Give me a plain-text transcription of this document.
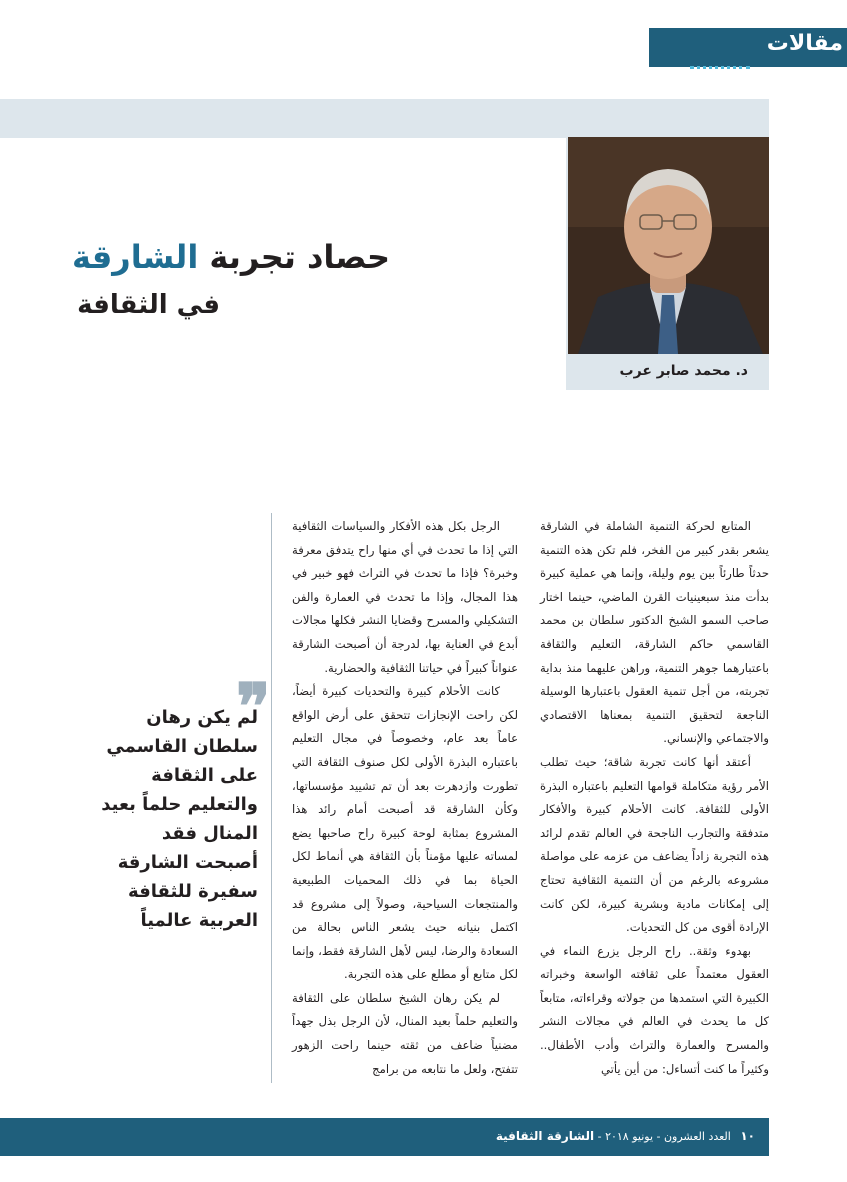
مقالات
د. محمد صابر عرب
حصاد تجربة الشارقة
في الثقافة

المتابع لحركة التنمية الشاملة في الشارقة يشعر بقدر كبير من الفخر، فلم تكن هذه التنمية حدثاً طارئاً بين يوم وليلة، وإنما هي عملية كبيرة بدأت منذ سبعينيات القرن الماضي، حينما اختار صاحب السمو الشيخ الدكتور سلطان بن محمد القاسمي حاكم الشارقة، التعليم والثقافة باعتبارهما جوهر التنمية، وراهن عليهما منذ بداية تجربته، من أجل تنمية العقول باعتبارها الوسيلة الناجعة لتحقيق التنمية بمعناها الاقتصادي والاجتماعي والإنساني.

أعتقد أنها كانت تجربة شاقة؛ حيث تطلب الأمر رؤية متكاملة قوامها التعليم باعتباره البذرة الأولى للثقافة. كانت الأحلام كبيرة والأفكار متدفقة والتجارب الناجحة في العالم تقدم لرائد هذه التجربة زاداً يضاعف من عزمه على مواصلة مشروعه بالرغم من أن التنمية الثقافية تحتاج إلى إمكانات مادية وبشرية كبيرة، لكن كانت الإرادة أقوى من كل التحديات.

بهدوء وثقة.. راح الرجل يزرع النماء في العقول معتمداً على ثقافته الواسعة وخبراته الكبيرة التي استمدها من جولاته وقراءاته، متابعاً كل ما يحدث في العالم في مجالات النشر والمسرح والعمارة والتراث وأدب الأطفال.. وكثيراً ما كنت أتساءل: من أين يأتي

الرجل بكل هذه الأفكار والسياسات الثقافية التي إذا ما تحدث في أي منها راح يتدفق معرفة وخبرة؟ فإذا ما تحدث في التراث فهو خبير في هذا المجال، وإذا ما تحدث في العمارة والفن التشكيلي والمسرح وقضايا النشر فكلها مجالات أبدع في العناية بها، لدرجة أن أصبحت الشارقة عنواناً كبيراً في حياتنا الثقافية والحضارية.

كانت الأحلام كبيرة والتحديات كبيرة أيضاً، لكن راحت الإنجازات تتحقق على أرض الواقع عاماً بعد عام، وخصوصاً في مجال التعليم باعتباره البذرة الأولى لكل صنوف الثقافة التي تطورت وازدهرت بعد أن تم تشييد مؤسساتها، وكأن الشارقة قد أصبحت أمام رائد هذا المشروع بمثابة لوحة كبيرة راح صاحبها يضع لمساته عليها مؤمناً بأن الثقافة هي أنماط لكل الحياة بما في ذلك المحميات الطبيعية والمنتجعات السياحية، وصولاً إلى مشروع قد اكتمل بنيانه حيث يشعر الناس بحالة من السعادة والرضا، ليس لأهل الشارقة فقط، وإنما لكل متابع أو مطلع على هذه التجربة.

لم يكن رهان الشيخ سلطان على الثقافة والتعليم حلماً بعيد المنال، لأن الرجل بذل جهداً مضنياً ضاعف من ثقته حينما راحت الزهور تتفتح، ولعل ما نتابعه من برامج

❞
لم يكن رهان سلطان القاسمي على الثقافة والتعليم حلماً بعيد المنال فقد أصبحت الشارقة سفيرة للثقافة العربية عالمياً
١٠ العدد العشرون - يونيو ٢٠١٨ - الشارقة الثقافية
